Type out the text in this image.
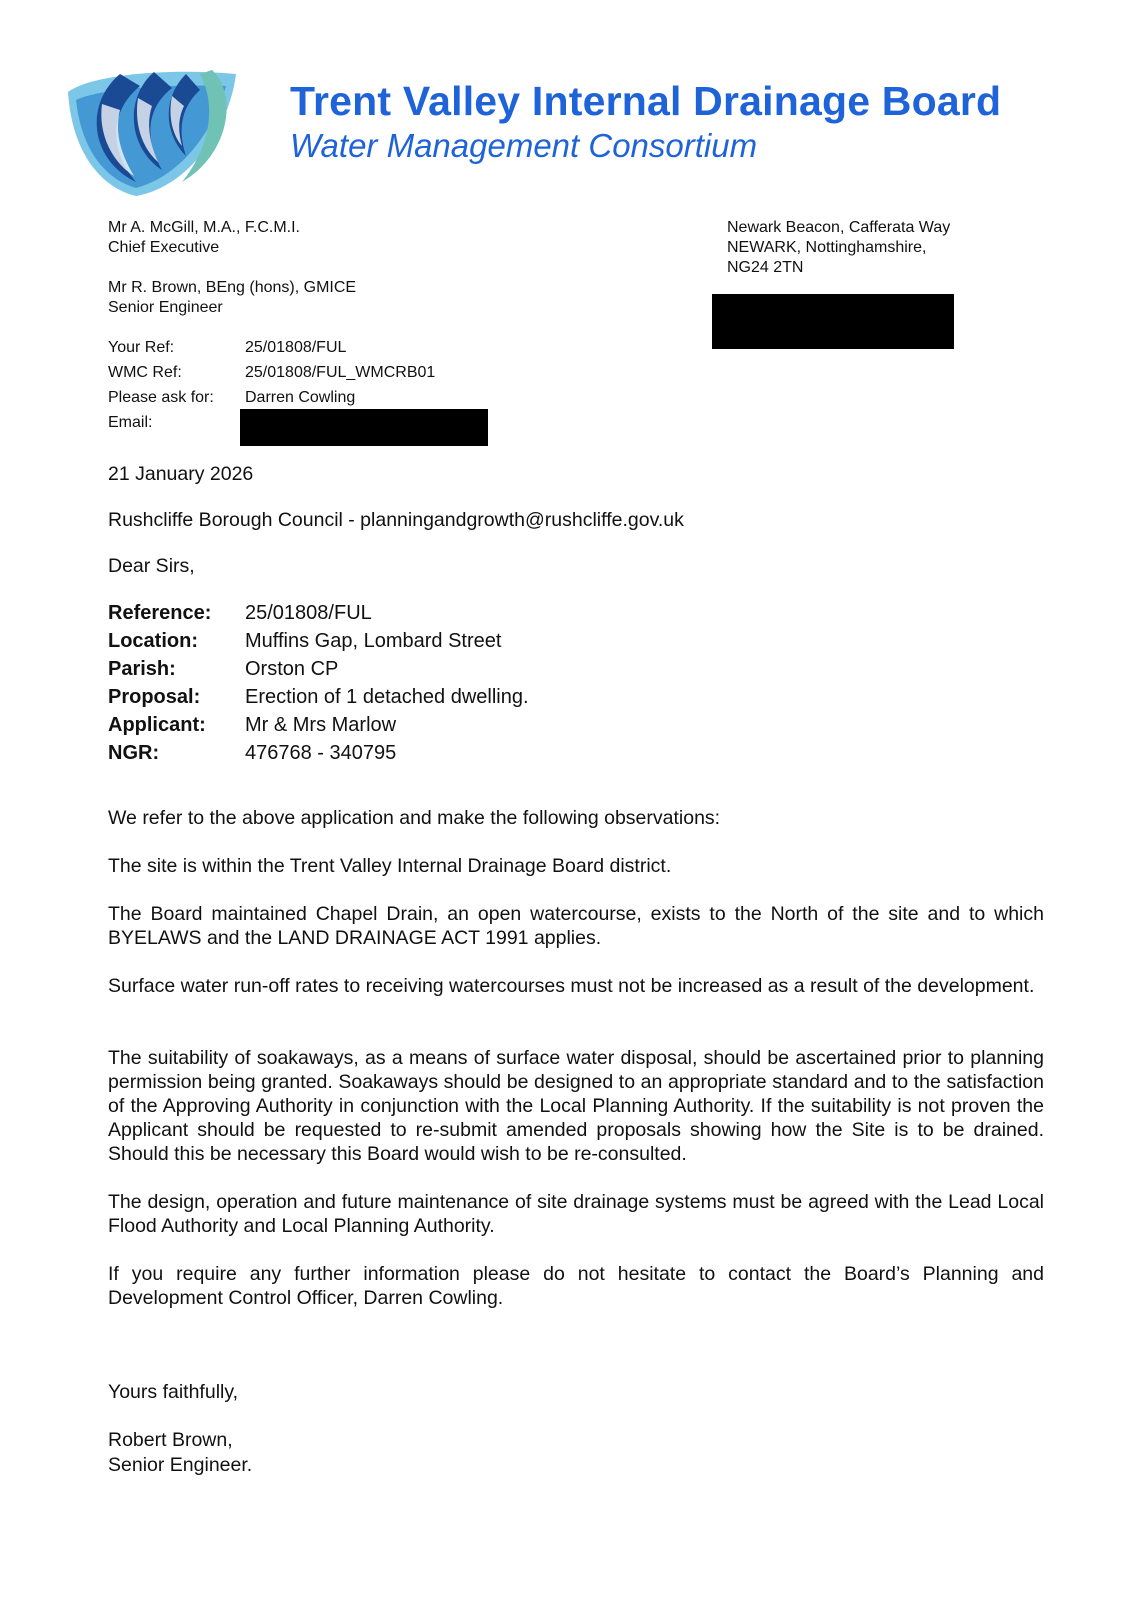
Trent Valley Internal Drainage Board
Water Management Consortium
Mr A. McGill, M.A., F.C.M.I.
Chief Executive
Mr R. Brown, BEng (hons), GMICE
Senior Engineer
Newark Beacon, Cafferata Way
NEWARK, Nottinghamshire,
NG24 2TN
Your Ref:	25/01808/FUL
WMC Ref:	25/01808/FUL_WMCRB01
Please ask for:	Darren Cowling
Email:
21 January 2026
Rushcliffe Borough Council - planningandgrowth@rushcliffe.gov.uk
Dear Sirs,
Reference: 25/01808/FUL
Location: Muffins Gap, Lombard Street
Parish:	Orston CP
Proposal: Erection of 1 detached dwelling.
Applicant: Mr & Mrs Marlow
NGR:	476768 - 340795
We refer to the above application and make the following observations:
The site is within the Trent Valley Internal Drainage Board district.
The Board maintained Chapel Drain, an open watercourse, exists to the North of the site and to which BYELAWS and the LAND DRAINAGE ACT 1991 applies.
Surface water run-off rates to receiving watercourses must not be increased as a result of the development.
The suitability of soakaways, as a means of surface water disposal, should be ascertained prior to planning permission being granted. Soakaways should be designed to an appropriate standard and to the satisfaction of the Approving Authority in conjunction with the Local Planning Authority. If the suitability is not proven the Applicant should be requested to re-submit amended proposals showing how the Site is to be drained. Should this be necessary this Board would wish to be re-consulted.
The design, operation and future maintenance of site drainage systems must be agreed with the Lead Local Flood Authority and Local Planning Authority.
If you require any further information please do not hesitate to contact the Board’s Planning and Development Control Officer, Darren Cowling.
Yours faithfully,
Robert Brown,
Senior Engineer.
